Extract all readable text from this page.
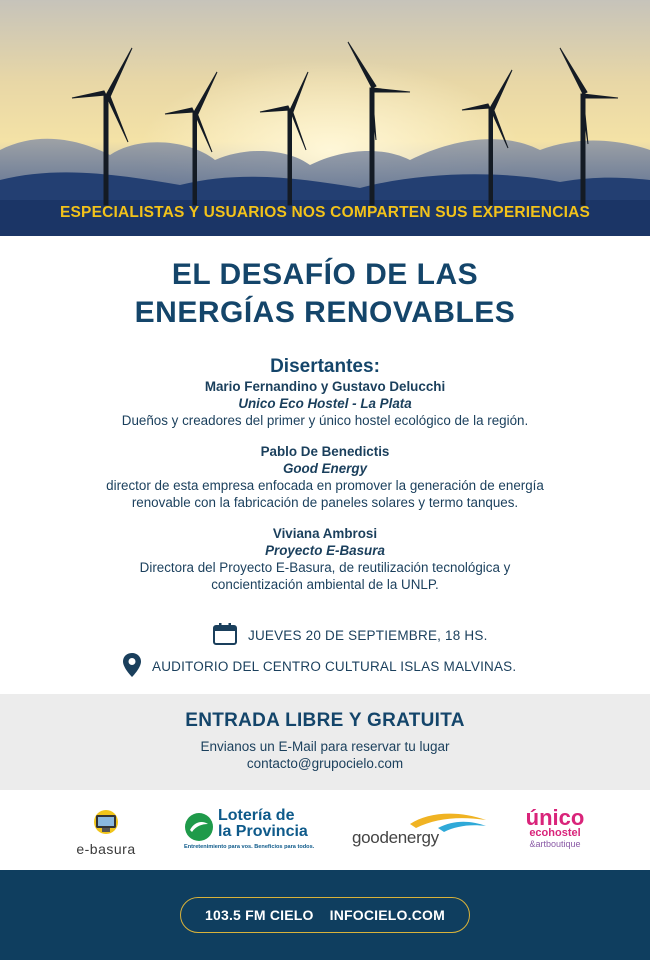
ESPECIALISTAS Y USUARIOS NOS COMPARTEN SUS EXPERIENCIAS
EL DESAFÍO DE LAS
ENERGÍAS RENOVABLES
Disertantes:
Mario Fernandino y Gustavo Delucchi
Unico Eco Hostel - La Plata
Dueños y creadores del primer y único hostel ecológico de la región.
Pablo De Benedictis
Good Energy
director de esta empresa enfocada en promover la generación de energía
renovable con la fabricación de paneles solares y termo tanques.
Viviana Ambrosi
Proyecto E-Basura
Directora del Proyecto E-Basura, de reutilización tecnológica y
concientización ambiental de la UNLP.
JUEVES 20 DE SEPTIEMBRE, 18 HS.
AUDITORIO DEL CENTRO CULTURAL ISLAS MALVINAS.
ENTRADA LIBRE Y GRATUITA
Envianos un E-Mail para reservar tu lugar
contacto@grupocielo.com
e-basura
Lotería de
la Provincia
Entretenimiento para vos. Beneficios para todos.	goodenergy
único
ecohostel
&artboutique
103.5 FM CIELO INFOCIELO.COM
